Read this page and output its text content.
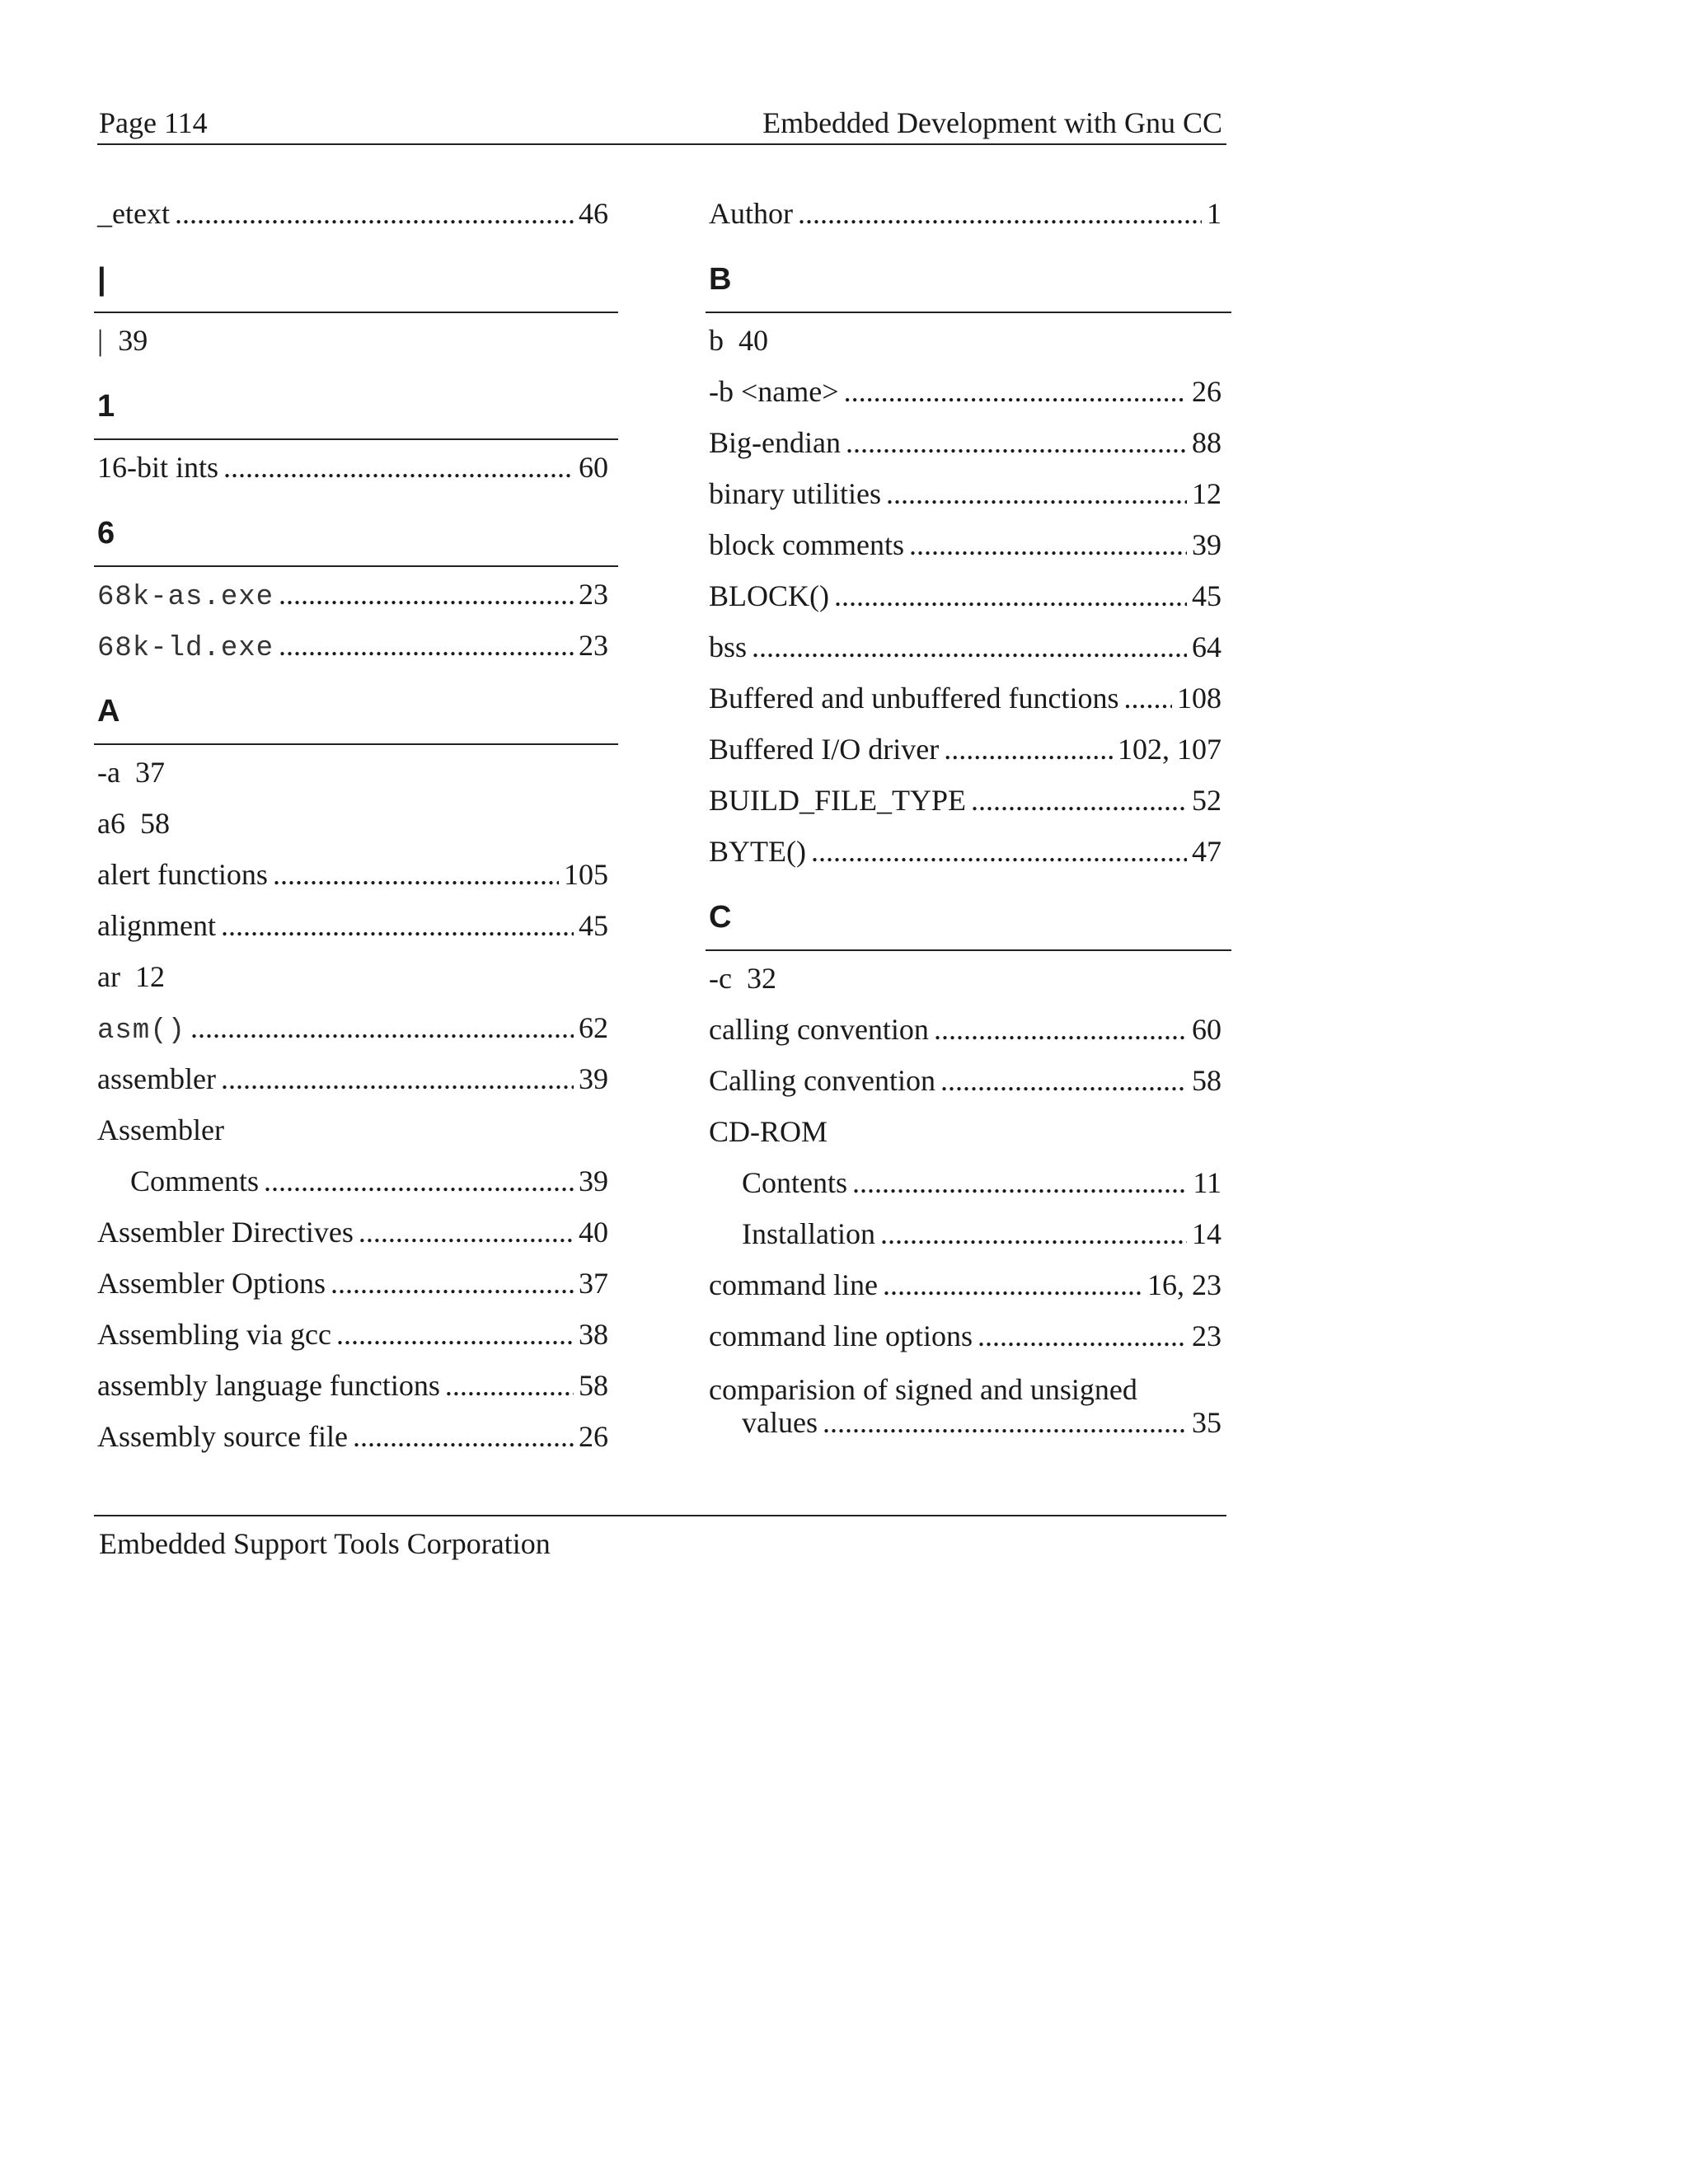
Page 114	Embedded Development with Gnu CC
_etext .....	46
|
| 39
1
16-bit ints .....	60
6
68k-as.exe .....	23
68k-ld.exe .....	23
A
-a 37
a6 58
alert functions .....	105
alignment .....	45
ar 12
asm() .....	62
assembler .....	39
Assembler
Comments .....	39
Assembler Directives .....	40
Assembler Options .....	37
Assembling via gcc .....	38
assembly language functions .....	58
Assembly source file .....	26
Author .....	1
B
b 40
-b <name> .....	26
Big-endian .....	88
binary utilities .....	12
block comments .....	39
BLOCK() .....	45
bss .....	64
Buffered and unbuffered functions ..... 108
Buffered I/O driver .....	102, 107
BUILD_FILE_TYPE .....	52
BYTE() .....	47
C
-c 32
calling convention .....	60
Calling convention .....	58
CD-ROM
Contents .....	11
Installation .....	14
command line .....	16, 23
command line options .....	23
comparision of signed and unsigned
values .....	35
Embedded Support Tools Corporation
